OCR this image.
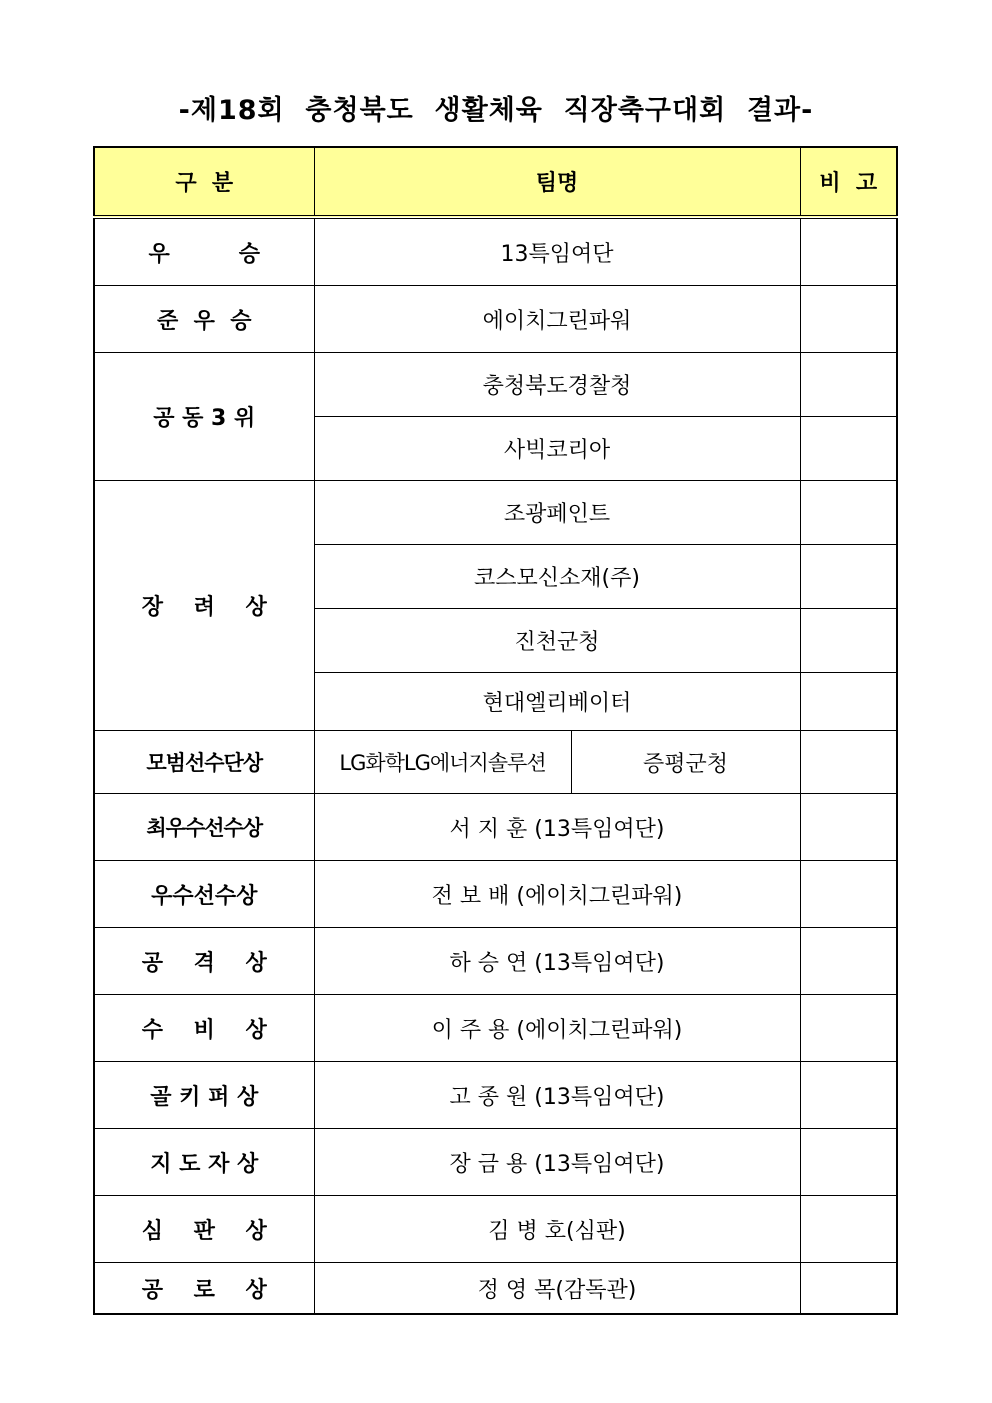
-제18회  충청북도  생활체육  직장축구대회  결과-
구  분	팀명		비  고
우         승	13특임여단		
준  우  승	에이치그린파워		
공 동 3 위	충청북도경찰청		
	사빅코리아		
장    려    상	조광페인트		
	코스모신소재(주)		
	진천군청		
	현대엘리베이터		
모범선수단상	LG화학LG에너지솔루션	증평군청	
최우수선수상	서 지 훈 (13특임여단)		
우수선수상	전 보 배 (에이치그린파워)		
공    격    상	하 승 연 (13특임여단)		
수    비    상	이 주 용 (에이치그린파워)		
골 키 퍼 상	고 종 원 (13특임여단)		
지 도 자 상	장 금 용 (13특임여단)		
심    판    상	김 병 호(심판)		
공    로    상	정 영 목(감독관)		
